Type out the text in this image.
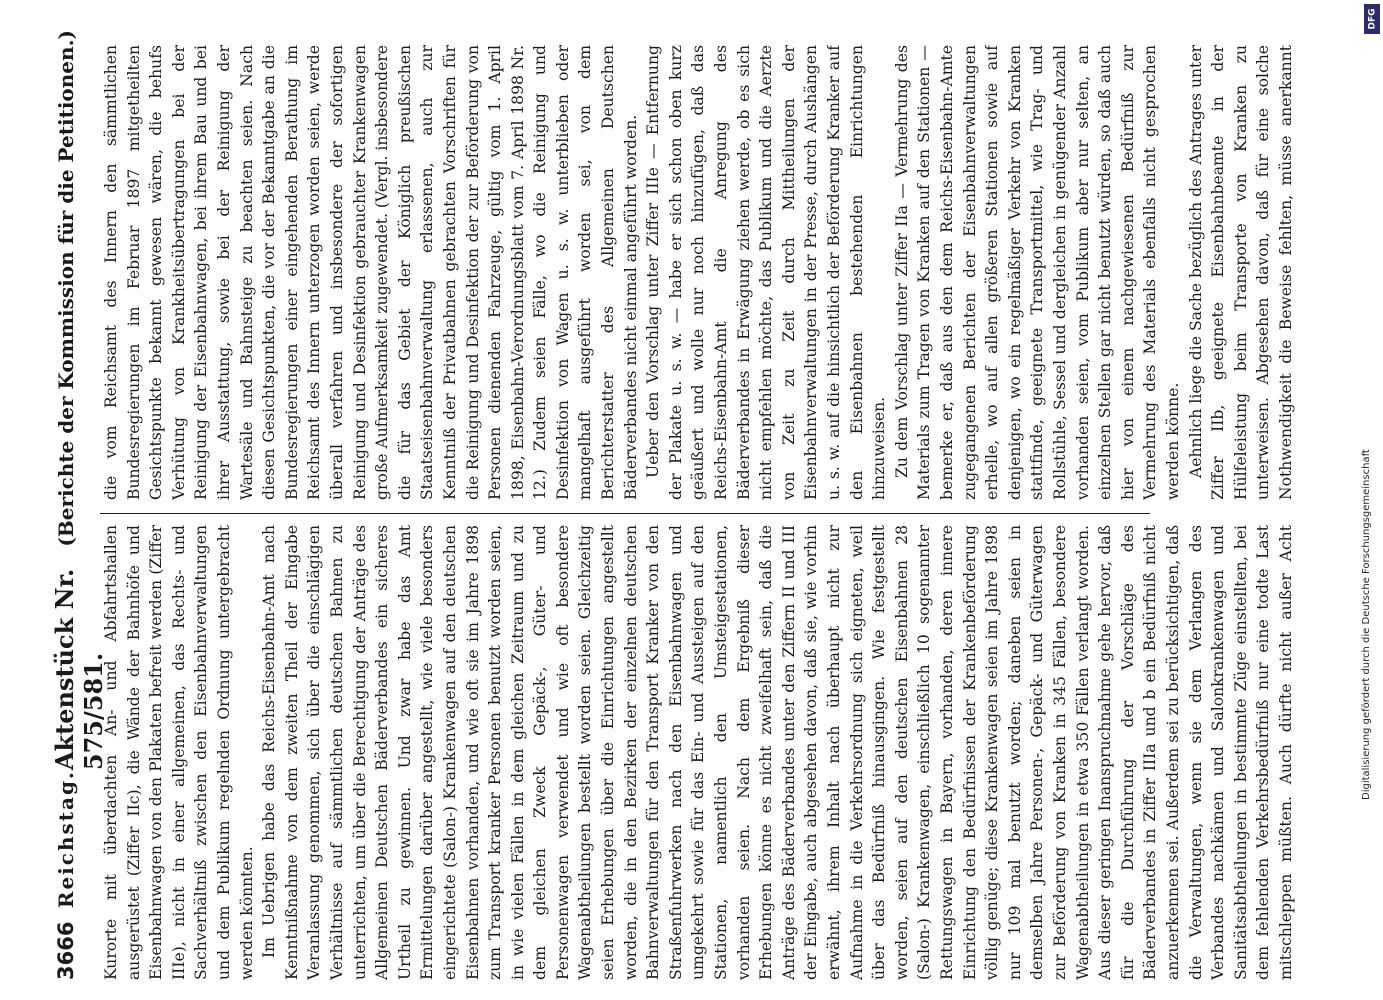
3666
Reichstag.
Aktenstück Nr. 575/581.
(Berichte der Kommission für die Petitionen.)

Kurorte mit überdachten An- und Abfahrtshallen ausgerüstet (Ziffer IIc), die Wände der Bahnhöfe und Eisenbahnwagen von den Plakaten befreit werden (Ziffer IIIe), nicht in einer allgemeinen, das Rechts- und Sachverhältniß zwischen den Eisenbahnverwaltungen und dem Publikum regelnden Ordnung untergebracht werden könnten. Im Uebrigen habe das Reichs-Eisenbahn-Amt nach Kenntnißnahme von dem zweiten Theil der Eingabe Veranlassung genommen, sich über die einschlägigen Verhältnisse auf sämmtlichen deutschen Bahnen zu unterrichten, um über die Berechtigung der Anträge des Allgemeinen Deutschen Bäderverbandes ein sicheres Urtheil zu gewinnen. Und zwar habe das Amt Ermittelungen darüber angestellt, wie viele besonders eingerichtete (Salon-) Krankenwagen auf den deutschen Eisenbahnen vorhanden, und wie oft sie im Jahre 1898 zum Transport kranker Personen benutzt worden seien, in wie vielen Fällen in dem gleichen Zeitraum und zu dem gleichen Zweck Gepäck-, Güter- und Personenwagen verwendet und wie oft besondere Wagenabtheilungen bestellt worden seien. Gleichzeitig seien Erhebungen über die Einrichtungen angestellt worden, die in den Bezirken der einzelnen deutschen Bahnverwaltungen für den Transport Kranker von den Straßenfuhrwerken nach den Eisenbahnwagen und umgekehrt sowie für das Ein- und Aussteigen auf den Stationen, namentlich den Umsteigestationen, vorhanden seien. Nach dem Ergebniß dieser Erhebungen könne es nicht zweifelhaft sein, daß die Anträge des Bäderverbandes unter den Ziffern II und III der Eingabe, auch abgesehen davon, daß sie, wie vorhin erwähnt, ihrem Inhalt nach überhaupt nicht zur Aufnahme in die Verkehrsordnung sich eigneten, weil über das Bedürfniß hinausgingen. Wie festgestellt worden, seien auf den deutschen Eisenbahnen 28 (Salon-) Krankenwagen, einschließlich 10 sogenannter Rettungswagen in Bayern, vorhanden, deren innere Einrichtung den Bedürfnissen der Krankenbeförderung völlig genüge; diese Krankenwagen seien im Jahre 1898 nur 109 mal benutzt worden; daneben seien in demselben Jahre Personen-, Gepäck- und Güterwagen zur Beförderung von Kranken in 345 Fällen, besondere Wagenabtheilungen in etwa 350 Fällen verlangt worden. Aus dieser geringen Inanspruchnahme gehe hervor, daß für die Durchführung der Vorschläge des Bäderverbandes in Ziffer IIIa und b ein Bedürfniß nicht anzuerkennen sei. Außerdem sei zu berücksichtigen, daß die Verwaltungen, wenn sie dem Verlangen des Verbandes nachkämen und Salonkrankenwagen und Sanitätsabtheilungen in bestimmte Züge einstellten, bei dem fehlenden Verkehrsbedürfniß nur eine todte Last mitschleppen müßten. Auch dürfte nicht außer Acht

die vom Reichsamt des Innern den sämmtlichen Bundesregierungen im Februar 1897 mitgetheilten Gesichtspunkte bekannt gewesen wären, die behufs Verhütung von Krankheitsübertragungen bei der Reinigung der Eisenbahnwagen, bei ihrem Bau und bei ihrer Ausstattung, sowie bei der Reinigung der Wartesäle und Bahnsteige zu beachten seien. Nach diesen Gesichtspunkten, die vor der Bekanntgabe an die Bundesregierungen einer eingehenden Berathung im Reichsamt des Innern unterzogen worden seien, werde überall verfahren und insbesondere der sofortigen Reinigung und Desinfektion gebrauchter Krankenwagen große Aufmerksamkeit zugewendet. (Vergl. insbesondere die für das Gebiet der Königlich preußischen Staatseisenbahnverwaltung erlassenen, auch zur Kenntniß der Privatbahnen gebrachten Vorschriften für die Reinigung und Desinfektion der zur Beförderung von Personen dienenden Fahrzeuge, gültig vom 1. April 1898, Eisenbahn-Verordnungsblatt vom 7. April 1898 Nr. 12.) Zudem seien Fälle, wo die Reinigung und Desinfektion von Wagen u. s. w. unterblieben oder mangelhaft ausgeführt worden sei, von dem Berichterstatter des Allgemeinen Deutschen Bäderverbandes nicht einmal angeführt worden. Ueber den Vorschlag unter Ziffer IIIe — Entfernung der Plakate u. s. w. — habe er sich schon oben kurz geäußert und wolle nur noch hinzufügen, daß das Reichs-Eisenbahn-Amt die Anregung des Bäderverbandes in Erwägung ziehen werde, ob es sich nicht empfehlen möchte, das Publikum und die Aerzte von Zeit zu Zeit durch Mittheilungen der Eisenbahnverwaltungen in der Presse, durch Aushängen u. s. w. auf die hinsichtlich der Beförderung Kranker auf den Eisenbahnen bestehenden Einrichtungen hinzuweisen. Zu dem Vorschlag unter Ziffer IIa — Vermehrung des Materials zum Tragen von Kranken auf den Stationen — bemerke er, daß aus den dem Reichs-Eisenbahn-Amte zugegangenen Berichten der Eisenbahnverwaltungen erhelle, wo auf allen größeren Stationen sowie auf denjenigen, wo ein regelmäßiger Verkehr von Kranken stattfinde, geeignete Transportmittel, wie Trag- und Rollstühle, Sessel und dergleichen in genügender Anzahl vorhanden seien, vom Publikum aber nur selten, an einzelnen Stellen gar nicht benutzt würden, so daß auch hier von einem nachgewiesenen Bedürfniß zur Vermehrung des Materials ebenfalls nicht gesprochen werden könne. Aehnlich liege die Sache bezüglich des Antrages unter Ziffer IIb, geeignete Eisenbahnbeamte in der Hülfeleistung beim Transporte von Kranken zu unterweisen. Abgesehen davon, daß für eine solche Nothwendigkeit die Beweise fehlten, müsse anerkannt

DFG
Digitalisierung gefördert durch die Deutsche Forschungsgemeinschaft
